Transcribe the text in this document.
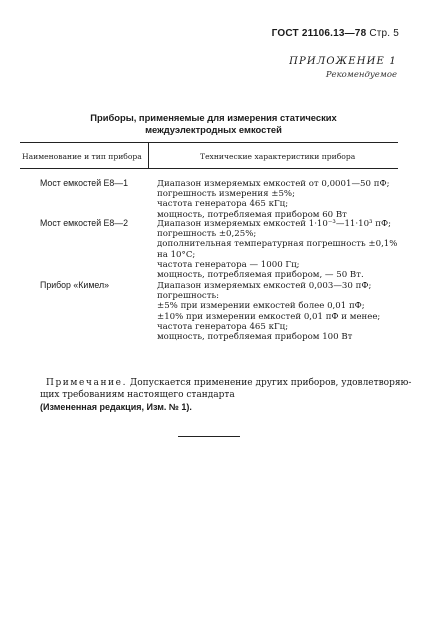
ГОСТ 21106.13—78 Стр. 5
ПРИЛОЖЕНИЕ 1
Рекомендуемое
Приборы, применяемые для измерения статических
междуэлектродных емкостей
Наименование и тип прибора	Технические характеристики прибора
Мост емкостей Е8—1	Диапазон измеряемых емкостей от 0,0001—50 пФ;
погрешность измерения ±5%;
частота генератора 465 кГц;
мощность, потребляемая прибором 60 Вт
Мост емкостей Е8—2	Диапазон измеряемых емкостей 1·10⁻³—11·10³ пФ;
погрешность ±0,25%;
дополнительная температурная погрешность ±0,1%
на 10°С;
частота генератора — 1000 Гц;
мощность, потребляемая прибором, — 50 Вт.
Прибор «Кимел»	Диапазон измеряемых емкостей 0,003—30 пФ;
погрешность:
±5% при измерении емкостей более 0,01 пФ;
±10% при измерении емкостей 0,01 пФ и менее;
частота генератора 465 кГц;
мощность, потребляемая прибором 100 Вт
Примечание. Допускается применение других приборов, удовлетворяю-
щих требованиям настоящего стандарта
(Измененная редакция, Изм. № 1).
